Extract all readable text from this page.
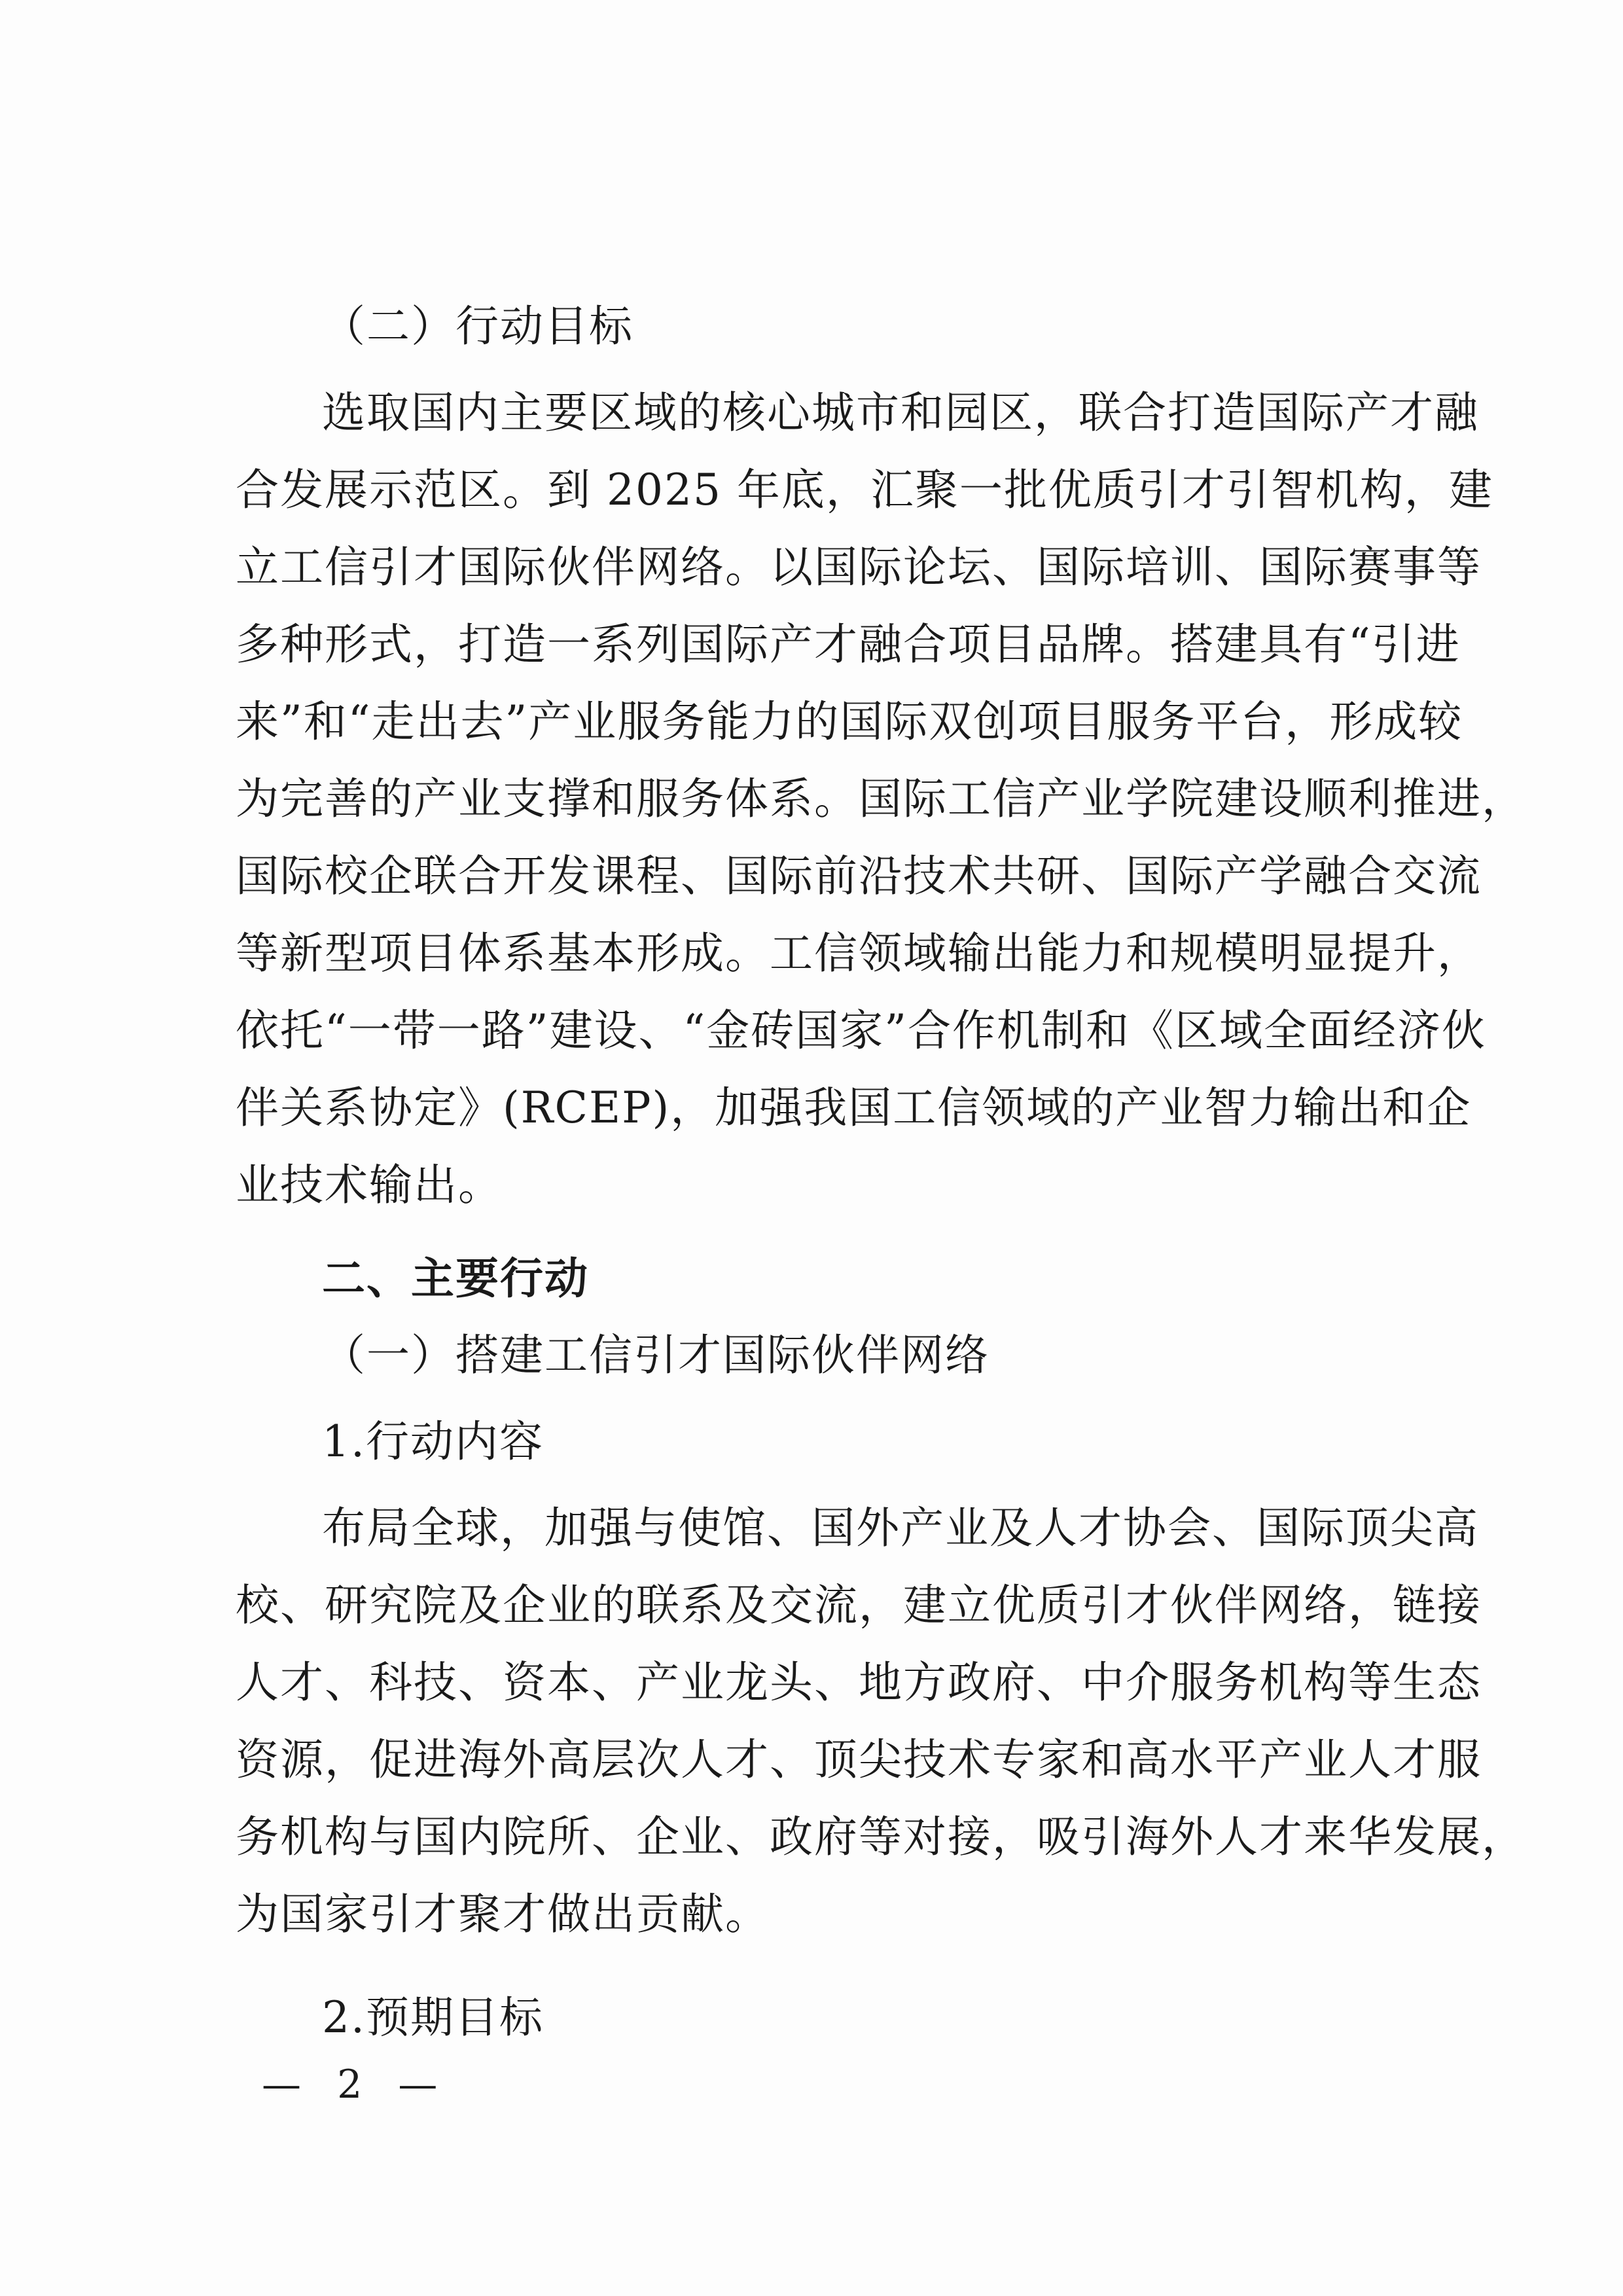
（二）行动目标

选取国内主要区域的核心城市和园区，联合打造国际产才融

合发展示范区。到 2025 年底，汇聚一批优质引才引智机构，建

立工信引才国际伙伴网络。以国际论坛、国际培训、国际赛事等

多种形式，打造一系列国际产才融合项目品牌。搭建具有“引进

来”和“走出去”产业服务能力的国际双创项目服务平台，形成较

为完善的产业支撑和服务体系。国际工信产业学院建设顺利推进，

国际校企联合开发课程、国际前沿技术共研、国际产学融合交流

等新型项目体系基本形成。工信领域输出能力和规模明显提升，

依托“一带一路”建设、“金砖国家”合作机制和《区域全面经济伙

伴关系协定》(RCEP)，加强我国工信领域的产业智力输出和企

业技术输出。

二、主要行动

（一）搭建工信引才国际伙伴网络

1.行动内容

布局全球，加强与使馆、国外产业及人才协会、国际顶尖高

校、研究院及企业的联系及交流，建立优质引才伙伴网络，链接

人才、科技、资本、产业龙头、地方政府、中介服务机构等生态

资源，促进海外高层次人才、顶尖技术专家和高水平产业人才服

务机构与国内院所、企业、政府等对接，吸引海外人才来华发展，

为国家引才聚才做出贡献。

2.预期目标

— 2 —
